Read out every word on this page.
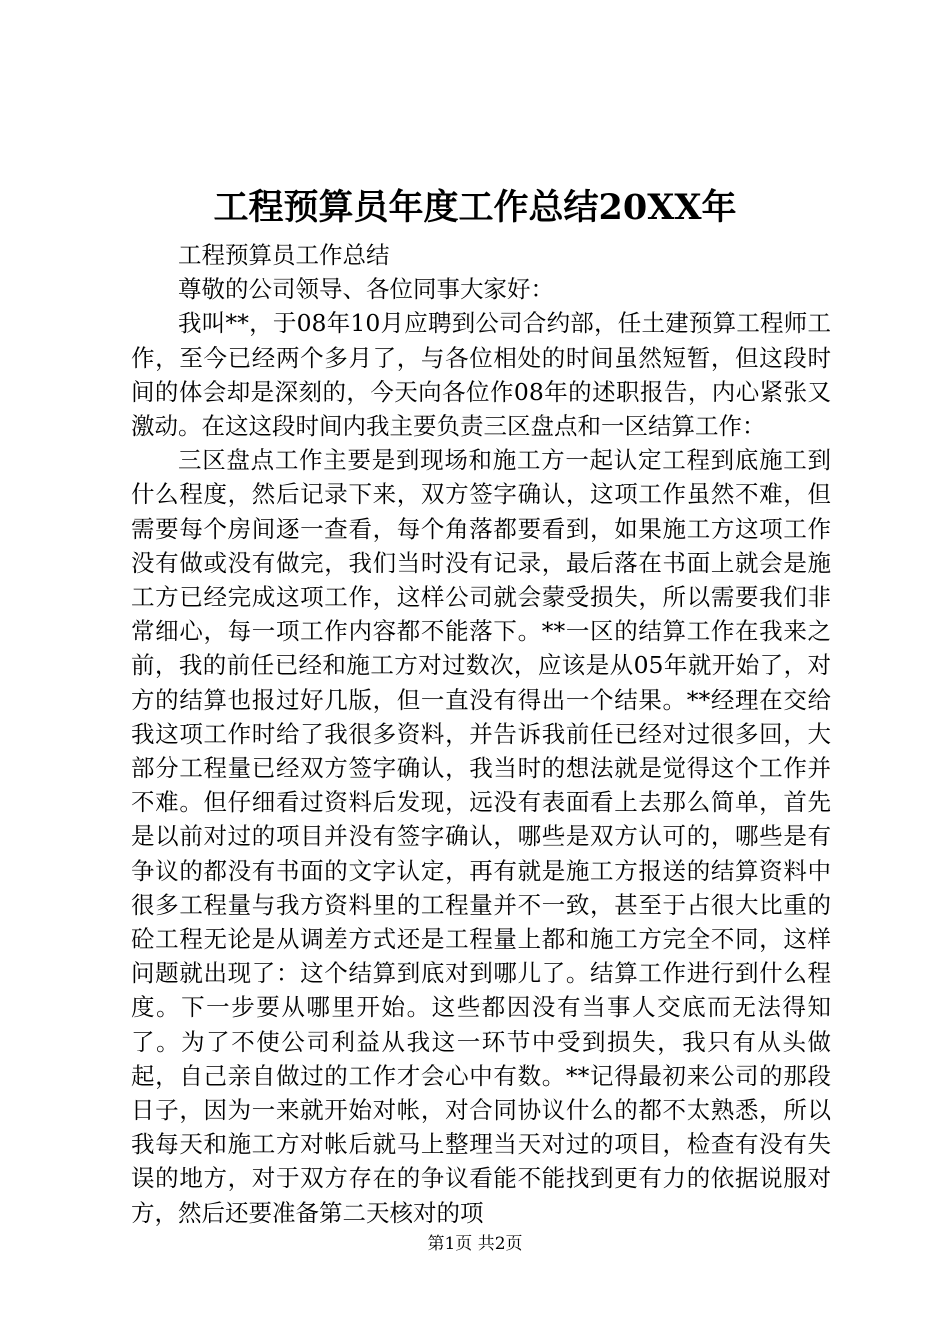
工程预算员年度工作总结20XX年

工程预算员工作总结

尊敬的公司领导、各位同事大家好：

我叫**，于08年10月应聘到公司合约部，任土建预算工程师工作，至今已经两个多月了，与各位相处的时间虽然短暂，但这段时间的体会却是深刻的，今天向各位作08年的述职报告，内心紧张又激动。在这这段时间内我主要负责三区盘点和一区结算工作：

三区盘点工作主要是到现场和施工方一起认定工程到底施工到什么程度，然后记录下来，双方签字确认，这项工作虽然不难，但需要每个房间逐一查看，每个角落都要看到，如果施工方这项工作没有做或没有做完，我们当时没有记录，最后落在书面上就会是施工方已经完成这项工作，这样公司就会蒙受损失，所以需要我们非常细心，每一项工作内容都不能落下。**一区的结算工作在我来之前，我的前任已经和施工方对过数次，应该是从05年就开始了，对方的结算也报过好几版，但一直没有得出一个结果。**经理在交给我这项工作时给了我很多资料，并告诉我前任已经对过很多回，大部分工程量已经双方签字确认，我当时的想法就是觉得这个工作并不难。但仔细看过资料后发现，远没有表面看上去那么简单，首先是以前对过的项目并没有签字确认，哪些是双方认可的，哪些是有争议的都没有书面的文字认定，再有就是施工方报送的结算资料中很多工程量与我方资料里的工程量并不一致，甚至于占很大比重的砼工程无论是从调差方式还是工程量上都和施工方完全不同，这样问题就出现了：这个结算到底对到哪儿了。结算工作进行到什么程度。下一步要从哪里开始。这些都因没有当事人交底而无法得知了。为了不使公司利益从我这一环节中受到损失，我只有从头做起，自己亲自做过的工作才会心中有数。**记得最初来公司的那段日子，因为一来就开始对帐，对合同协议什么的都不太熟悉，所以我每天和施工方对帐后就马上整理当天对过的项目，检查有没有失误的地方，对于双方存在的争议看能不能找到更有力的依据说服对方，然后还要准备第二天核对的项

第1页 共2页
